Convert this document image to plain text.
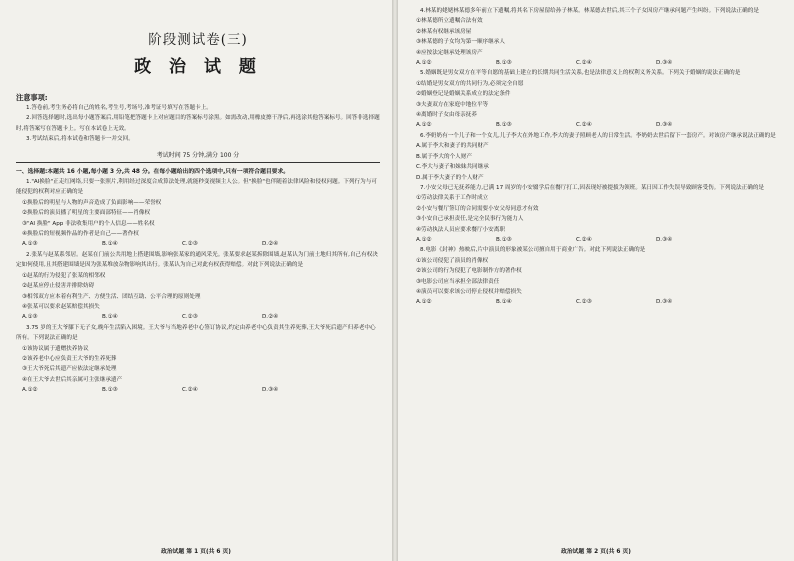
阶段测试卷(三)
政 治 试 题
注意事项:
1.答卷前,考生务必将自己的姓名,考生号,考场号,准考证号填写在答题卡上。
2.回答选择题时,选出每小题答案后,用铅笔把答题卡上对应题目的答案标号涂黑。如需改动,用橡皮擦干净后,再选涂其他答案标号。回答非选择题时,将答案写在答题卡上。写在本试卷上无效。
3.考试结束后,将本试卷和答题卡一并交回。
考试时间 75 分钟,满分 100 分
一、选择题:本题共 16 小题,每小题 3 分,共 48 分。在每小题给出的四个选项中,只有一项符合题目要求。
1."AI换脸"正走红网络,只要一张照片,利用经过深度合成算法处理,就能秒变视频主人公。但"换脸"也伴随着法律风险和侵权问题。下列行为与可能侵犯的权利对应正确的是
①换脸后的明星与人物的声音造成了负面影响——荣誉权
②换脸后的演员播了明星的主要面部特征——肖像权
③"AI 换脸" App 非法收集用户的个人信息——姓名权
④换脸后的短视频作品的作者是自己——著作权
A.①③	B.①④	C.②③	D.②④
2.张某与赵某系邻居。赵某在门前公共用地上搭建围墙,影响张某家的通风采光。张某要求赵某拆除围墙,赵某认为门前土地归其所有,自己有权决定如何使用,且其搭建围墙是因为张某堆放杂物影响其出行。张某认为自己对此有权获得赔偿。对此下列说法正确的是
①赵某的行为侵犯了张某的相邻权
②赵某应停止侵害并排除妨碍
③相邻双方应本着有利生产、方便生活、团结互助、公平合理的原则处理
④张某可以要求赵某赔偿其损失
A.①③	B.①④	C.②③	D.②④
3.75 岁的王大爷膝下无子女,晚年生活陷入困境。王大爷与当地养老中心签订协议,约定由养老中心负责其生养死葬,王大爷死后遗产归养老中心所有。下列说法正确的是
①该协议属于遗赠扶养协议
②该养老中心应负责王大爷的生养死葬
③王大爷死后其遗产应依法定继承处理
④在王大爷去世后其亲属可主张继承遗产
A.①②	B.①③	C.②④	D.③④
政治试题 第 1 页(共 6 页)
4.林某的姥姥林某德多年前立下遗嘱,将其名下房屋留给孙子林某。林某德去世后,其三个子女因房产继承问题产生纠纷。下列说法正确的是
①林某德所立遗嘱合法有效
②林某有权继承该房屋
③林某德的子女均为第一顺序继承人
④应按法定继承处理该房产
A.①②	B.①③	C.②④	D.③④
5.婚姻既是男女双方在平等自愿的基础上建立的长期共同生活关系,也是法律意义上的权利义务关系。下列关于婚姻的说法正确的是
①结婚是男女双方的共同行为,必须完全自愿
②婚姻登记是婚姻关系成立的法定条件
③夫妻双方在家庭中地位平等
④离婚时子女由母亲抚养
A.①②	B.①③	C.②④	D.③④
6.李奶奶有一个儿子和一个女儿,儿子李大在外地工作,李大的妻子照顾老人的日常生活。李奶奶去世后留下一套房产。对该房产继承说法正确的是
A.属于李大和妻子的共同财产
B.属于李大的个人财产
C.李大与妻子和妹妹共同继承
D.属于李大妻子的个人财产
7.小安父母已无抚养能力,已满 17 周岁的小安辍学后在餐厅打工,因表现好被提拔为领班。某日因工作失误导致顾客受伤。下列说法正确的是
①劳动法律关系于工作时成立
②小安与餐厅签订的合同需要小安父母同意才有效
③小安自己承担责任,是完全民事行为能力人
④劳动执法人员应要求餐厅小安离职
A.①②	B.①③	C.②④	D.③④
8.电影《封神》热映后,片中演员的形象被某公司擅自用于商业广告。对此下列说法正确的是
①该公司侵犯了演员的肖像权
②该公司的行为侵犯了电影制作方的著作权
③电影公司应当承担全部法律责任
④演员可以要求该公司停止侵权并赔偿损失
A.①②	B.①④	C.②③	D.③④
政治试题 第 2 页(共 6 页)
